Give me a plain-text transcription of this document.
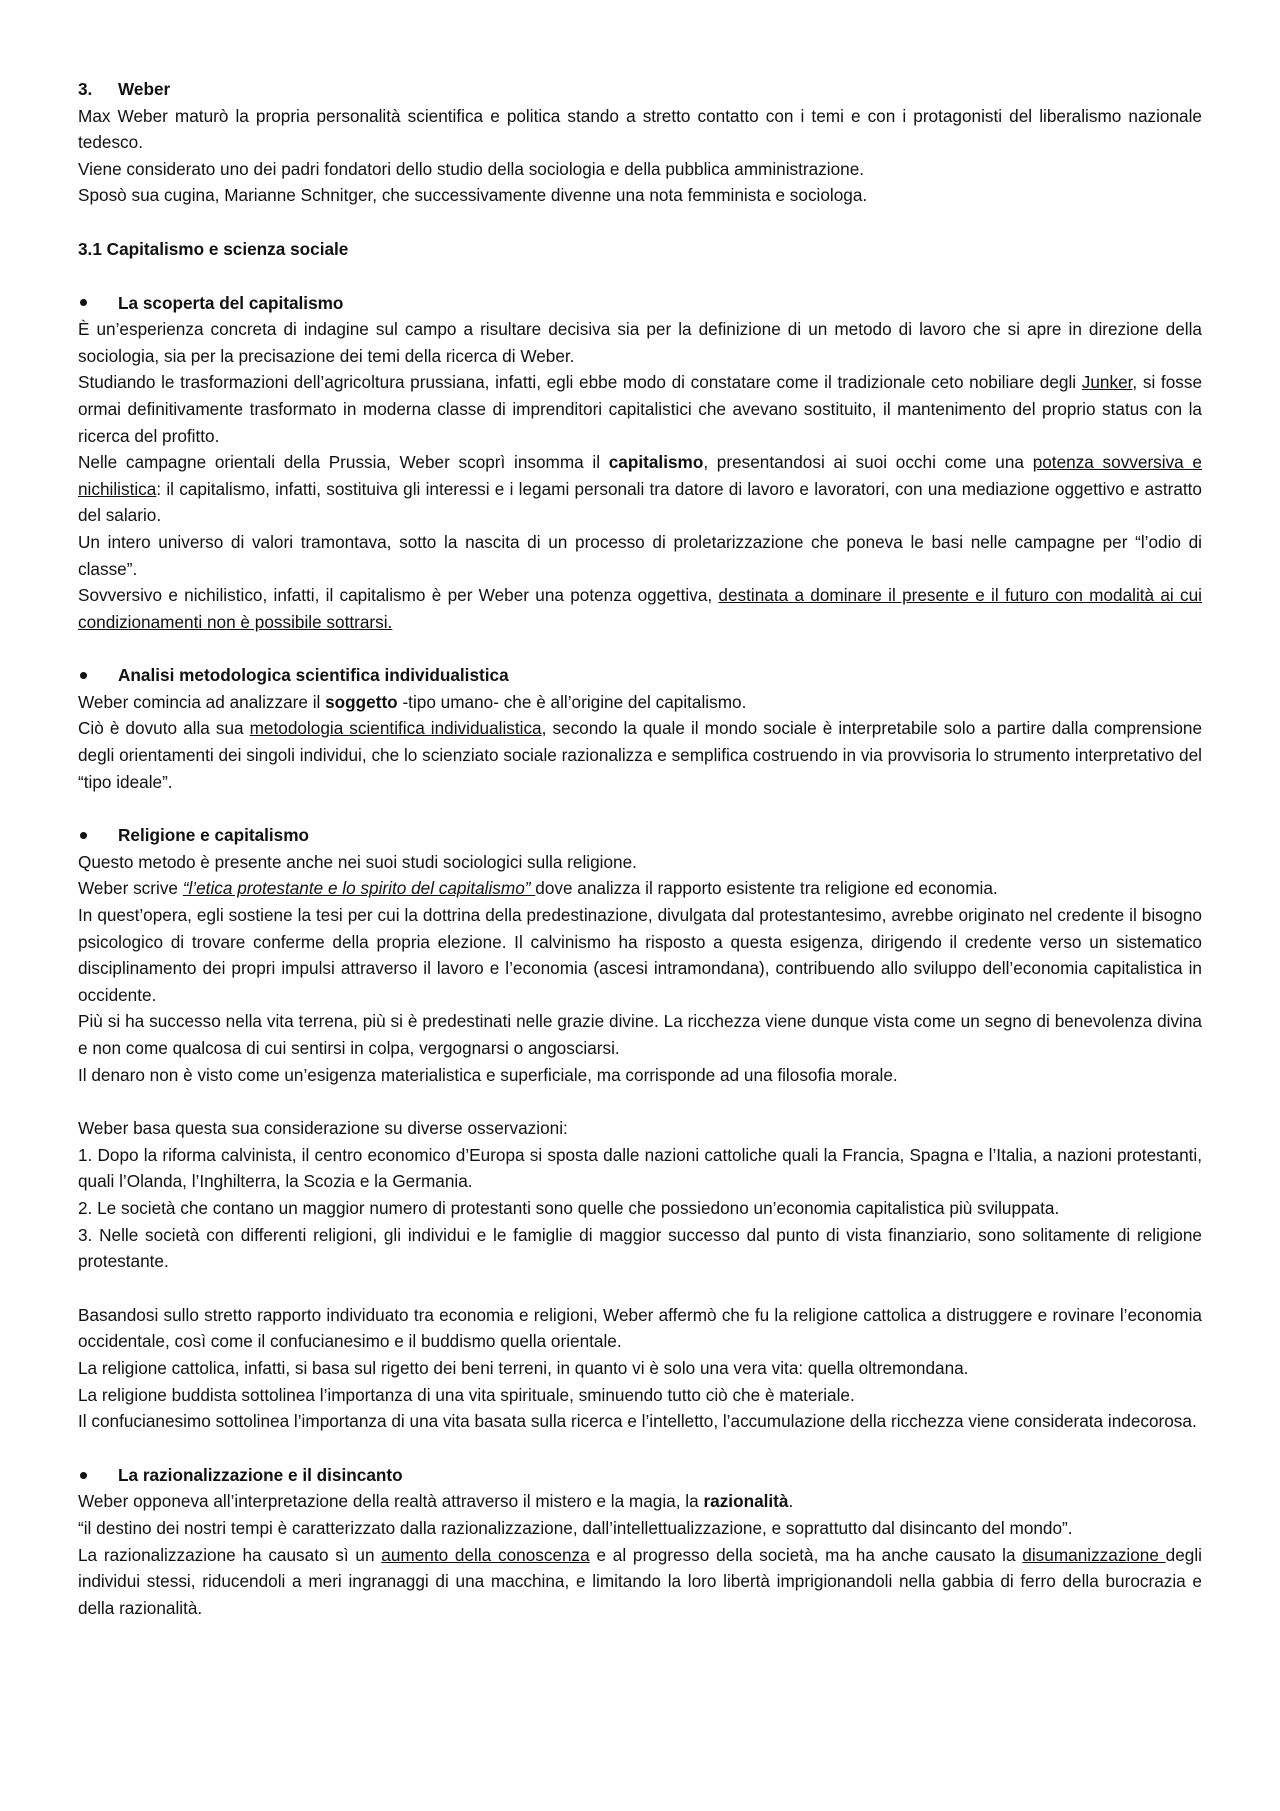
3. Weber

Max Weber maturò la propria personalità scientifica e politica stando a stretto contatto con i temi e con i protagonisti del liberalismo nazionale tedesco.

Viene considerato uno dei padri fondatori dello studio della sociologia e della pubblica amministrazione.

Sposò sua cugina, Marianne Schnitger, che successivamente divenne una nota femminista e sociologa.

3.1 Capitalismo e scienza sociale

La scoperta del capitalismo

È un’esperienza concreta di indagine sul campo a risultare decisiva sia per la definizione di un metodo di lavoro che si apre in direzione della sociologia, sia per la precisazione dei temi della ricerca di Weber.

Studiando le trasformazioni dell’agricoltura prussiana, infatti, egli ebbe modo di constatare come il tradizionale ceto nobiliare degli Junker, si fosse ormai definitivamente trasformato in moderna classe di imprenditori capitalistici che avevano sostituito, il mantenimento del proprio status con la ricerca del profitto.

Nelle campagne orientali della Prussia, Weber scoprì insomma il capitalismo, presentandosi ai suoi occhi come una potenza sovversiva e nichilistica: il capitalismo, infatti, sostituiva gli interessi e i legami personali tra datore di lavoro e lavoratori, con una mediazione oggettivo e astratto del salario.

Un intero universo di valori tramontava, sotto la nascita di un processo di proletarizzazione che poneva le basi nelle campagne per “l’odio di classe”.

Sovversivo e nichilistico, infatti, il capitalismo è per Weber una potenza oggettiva, destinata a dominare il presente e il futuro con modalità ai cui condizionamenti non è possibile sottrarsi.

Analisi metodologica scientifica individualistica

Weber comincia ad analizzare il soggetto -tipo umano- che è all’origine del capitalismo.

Ciò è dovuto alla sua metodologia scientifica individualistica, secondo la quale il mondo sociale è interpretabile solo a partire dalla comprensione degli orientamenti dei singoli individui, che lo scienziato sociale razionalizza e semplifica costruendo in via provvisoria lo strumento interpretativo del “tipo ideale”.

Religione e capitalismo

Questo metodo è presente anche nei suoi studi sociologici sulla religione.

Weber scrive “l’etica protestante e lo spirito del capitalismo” dove analizza il rapporto esistente tra religione ed economia.

In quest’opera, egli sostiene la tesi per cui la dottrina della predestinazione, divulgata dal protestantesimo, avrebbe originato nel credente il bisogno psicologico di trovare conferme della propria elezione. Il calvinismo ha risposto a questa esigenza, dirigendo il credente verso un sistematico disciplinamento dei propri impulsi attraverso il lavoro e l’economia (ascesi intramondana), contribuendo allo sviluppo dell’economia capitalistica in occidente.

Più si ha successo nella vita terrena, più si è predestinati nelle grazie divine. La ricchezza viene dunque vista come un segno di benevolenza divina e non come qualcosa di cui sentirsi in colpa, vergognarsi o angosciarsi.

Il denaro non è visto come un’esigenza materialistica e superficiale, ma corrisponde ad una filosofia morale.

Weber basa questa sua considerazione su diverse osservazioni:

1. Dopo la riforma calvinista, il centro economico d’Europa si sposta dalle nazioni cattoliche quali la Francia, Spagna e l’Italia, a nazioni protestanti, quali l’Olanda, l’Inghilterra, la Scozia e la Germania.

2. Le società che contano un maggior numero di protestanti sono quelle che possiedono un’economia capitalistica più sviluppata.

3. Nelle società con differenti religioni, gli individui e le famiglie di maggior successo dal punto di vista finanziario, sono solitamente di religione protestante.

Basandosi sullo stretto rapporto individuato tra economia e religioni, Weber affermò che fu la religione cattolica a distruggere e rovinare l’economia occidentale, così come il confucianesimo e il buddismo quella orientale.

La religione cattolica, infatti, si basa sul rigetto dei beni terreni, in quanto vi è solo una vera vita: quella oltremondana.

La religione buddista sottolinea l’importanza di una vita spirituale, sminuendo tutto ciò che è materiale.

Il confucianesimo sottolinea l’importanza di una vita basata sulla ricerca e l’intelletto, l’accumulazione della ricchezza viene considerata indecorosa.

La razionalizzazione e il disincanto

Weber opponeva all’interpretazione della realtà attraverso il mistero e la magia, la razionalità.

“il destino dei nostri tempi è caratterizzato dalla razionalizzazione, dall’intellettualizzazione, e soprattutto dal disincanto del mondo”.

La razionalizzazione ha causato sì un aumento della conoscenza e al progresso della società, ma ha anche causato la disumanizzazione degli individui stessi, riducendoli a meri ingranaggi di una macchina, e limitando la loro libertà imprigionandoli nella gabbia di ferro della burocrazia e della razionalità.
